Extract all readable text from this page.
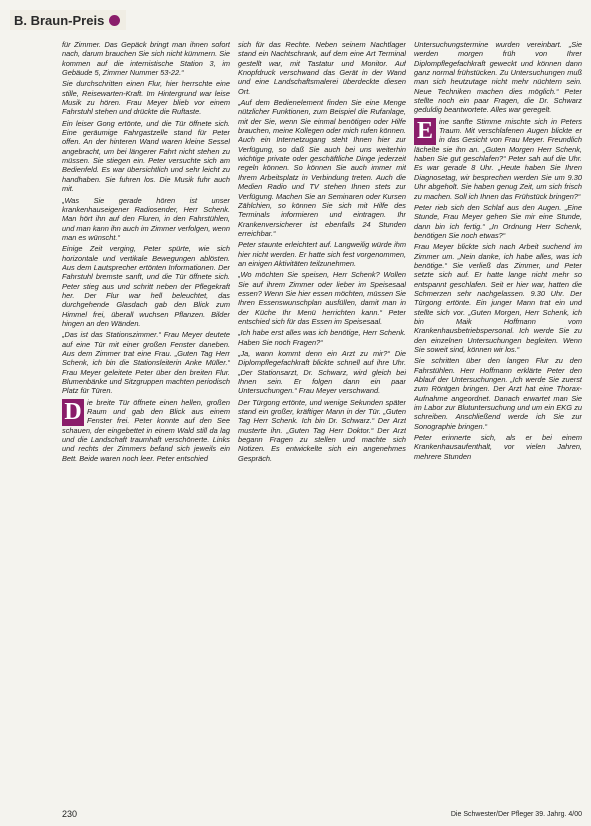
B. Braun-Preis

für Zimmer. Das Gepäck bringt man ihnen sofort nach, darum brauchen Sie sich nicht kümmern. Sie kommen auf die internistische Station 3, im Gebäude 5, Zimmer Nummer 53-22.“

Sie durchschritten einen Flur, hier herrschte eine stille, Reisewarten-Kraft. Im Hintergrund war leise Musik zu hören. Frau Meyer blieb vor einem Fahrstuhl stehen und drückte die Ruftaste.

Ein leiser Gong ertönte, und die Tür öffnete sich. Eine geräumige Fahrgastzelle stand für Peter offen. An der hinteren Wand waren kleine Sessel angebracht, um bei längerer Fahrt nicht stehen zu müssen. Sie stiegen ein. Peter versuchte sich am Bedienfeld. Es war übersichtlich und sehr leicht zu handhaben. Sie fuhren los. Die Musik fuhr auch mit.

„Was Sie gerade hören ist unser krankenhauseigener Radiosender, Herr Schenk. Man hört ihn auf den Fluren, in den Fahrstühlen, und man kann ihn auch im Zimmer verfolgen, wenn man es wünscht.“

Einige Zeit verging, Peter spürte, wie sich horizontale und vertikale Bewegungen ablösten. Aus dem Lautsprecher ertönten Informationen. Der Fahrstuhl bremste sanft, und die Tür öffnete sich. Peter stieg aus und schritt neben der Pflegekraft her. Der Flur war hell beleuchtet, das durchgehende Glasdach gab den Blick zum Himmel frei, überall wuchsen Pflanzen. Bilder hingen an den Wänden.

„Das ist das Stationszimmer.“ Frau Meyer deutete auf eine Tür mit einer großen Fenster daneben. Aus dem Zimmer trat eine Frau. „Guten Tag Herr Schenk, ich bin die Stationsleiterin Anke Müller.“ Frau Meyer geleitete Peter über den breiten Flur. Blumenbänke und Sitzgruppen machten periodisch Platz für Türen.

D ie breite Tür öffnete einen hellen, großen Raum und gab den Blick aus einem Fenster frei. Peter konnte auf den See schauen, der eingebettet in einem Wald still da lag und die Landschaft traumhaft verschönerte. Links und rechts der Zimmers befand sich jeweils ein Bett. Beide waren noch leer. Peter entschied

sich für das Rechte. Neben seinem Nachtlager stand ein Nachtschrank, auf dem eine Art Terminal gestellt war, mit Tastatur und Monitor. Auf Knopfdruck verschwand das Gerät in der Wand und eine Landschaftsmalerei überdeckte diesen Ort.

„Auf dem Bedienelement finden Sie eine Menge nützlicher Funktionen, zum Beispiel die Rufanlage, mit der Sie, wenn Sie einmal benötigen oder Hilfe brauchen, meine Kollegen oder mich rufen können. Auch ein Internetzugang steht Ihnen hier zur Verfügung, so daß Sie auch bei uns weiterhin wichtige private oder geschäftliche Dinge jederzeit regeln können. So können Sie auch immer mit Ihrem Arbeitsplatz in Verbindung treten. Auch die Medien Radio und TV stehen Ihnen stets zur Verfügung. Machen Sie an Seminaren oder Kursen Zählchien, so können Sie sich mit Hilfe des Terminals informieren und eintragen. Ihr Krankenversicherer ist ebenfalls 24 Stunden erreichbar.“

Peter staunte erleichtert auf. Langweilig würde ihm hier nicht werden. Er hatte sich fest vorgenommen, an einigen Aktivitäten teilzunehmen.

„Wo möchten Sie speisen, Herr Schenk? Wollen Sie auf ihrem Zimmer oder lieber im Speisesaal essen? Wenn Sie hier essen möchten, müssen Sie Ihren Essenswunschplan ausfüllen, damit man in der Küche Ihr Menü herrichten kann.“ Peter entschied sich für das Essen im Speisesaal.

„Ich habe erst alles was ich benötige, Herr Schenk. Haben Sie noch Fragen?“

„Ja, wann kommt denn ein Arzt zu mir?“ Die Diplompflegefachkraft blickte schnell auf ihre Uhr. „Der Stationsarzt, Dr. Schwarz, wird gleich bei Ihnen sein. Er folgen dann ein paar Untersuchungen.“ Frau Meyer verschwand.

Der Türgong ertönte, und wenige Sekunden später stand ein großer, kräftiger Mann in der Tür. „Guten Tag Herr Schenk. Ich bin Dr. Schwarz.“ Der Arzt musterte ihn. „Guten Tag Herr Doktor.“ Der Arzt begann Fragen zu stellen und machte sich Notizen. Es entwickelte sich ein angenehmes Gespräch.

Untersuchungstermine wurden vereinbart. „Sie werden morgen früh von Ihrer Diplompflegefachkraft geweckt und können dann ganz normal frühstücken. Zu Untersuchungen muß man sich heutzutage nicht mehr nüchtern sein. Neue Techniken machen dies möglich.“ Peter stellte noch ein paar Fragen, die Dr. Schwarz geduldig beantwortete. Alles war geregelt.

E ine sanfte Stimme mischte sich in Peters Traum. Mit verschlafenen Augen blickte er in das Gesicht von Frau Meyer. Freundlich lächelte sie ihn an. „Guten Morgen Herr Schenk, haben Sie gut geschlafen?“ Peter sah auf die Uhr. Es war gerade 8 Uhr. „Heute haben Sie Ihren Diagnosetag, wir besprechen werden Sie um 9.30 Uhr abgeholt. Sie haben genug Zeit, um sich frisch zu machen. Soll ich Ihnen das Frühstück bringen?“

Peter rieb sich den Schlaf aus den Augen. „Eine Stunde, Frau Meyer gehen Sie mir eine Stunde, dann bin ich fertig.“ „In Ordnung Herr Schenk, benötigen Sie noch etwas?“

Frau Meyer blickte sich nach Arbeit suchend im Zimmer um. „Nein danke, ich habe alles, was ich benötige.“ Sie verließ das Zimmer, und Peter setzte sich auf. Er hatte lange nicht mehr so entspannt geschlafen. Seit er hier war, hatten die Schmerzen sehr nachgelassen. 9.30 Uhr. Der Türgong ertönte. Ein junger Mann trat ein und stellte sich vor. „Guten Morgen, Herr Schenk, ich bin Maik Hoffmann vom Krankenhausbetriebspersonal. Ich werde Sie zu den einzelnen Untersuchungen begleiten. Wenn Sie soweit sind, können wir los.“

Sie schritten über den langen Flur zu den Fahrstühlen. Herr Hoffmann erklärte Peter den Ablauf der Untersuchungen. „Ich werde Sie zuerst zum Röntgen bringen. Der Arzt hat eine Thorax-Aufnahme angeordnet. Danach erwartet man Sie im Labor zur Blutuntersuchung und um ein EKG zu schreiben. Anschließend werde ich Sie zur Sonographie bringen.“

Peter erinnerte sich, als er bei einem Krankenhausaufenthalt, vor vielen Jahren, mehrere Stunden

230	Die Schwester/Der Pfleger 39. Jahrg. 4/00
